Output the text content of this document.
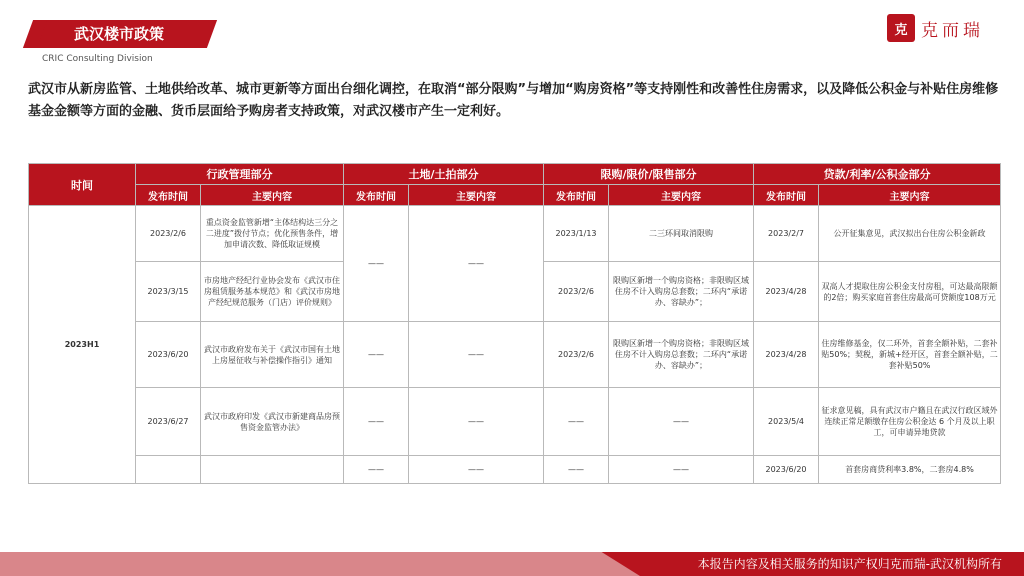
武汉楼市政策
CRIC Consulting Division
克 克而瑞
武汉市从新房监管、土地供给改革、城市更新等方面出台细化调控，在取消“部分限购”与增加“购房资格”等支持刚性和改善性住房需求，以及降低公积金与补贴住房维修基金金额等方面的金融、货币层面给予购房者支持政策，对武汉楼市产生一定利好。
时间	行政管理部分		土地/土拍部分		限购/限价/限售部分		贷款/利率/公积金部分	
	发布时间	主要内容	发布时间	主要内容	发布时间	主要内容	发布时间	主要内容
2023H1	2023/2/6	重点资金监管新增“主体结构达三分之二进度”拨付节点；优化预售条件，增加申请次数、降低取证规模	——	——	2023/1/13	二三环间取消限购	2023/2/7	公开征集意见，武汉拟出台住房公积金新政
	2023/3/15	市房地产经纪行业协会发布《武汉市住房租赁服务基本规范》和《武汉市房地产经纪规范服务（门店）评价规则》			2023/2/6	限购区新增一个购房资格；非限购区域住房不计入购房总套数；二环内“承诺办、容缺办”；	2023/4/28	双高人才提取住房公积金支付房租，可达最高限额的2倍；购买家庭首套住房最高可贷额度108万元
	2023/6/20	武汉市政府发布关于《武汉市国有土地上房屋征收与补偿操作指引》通知	——	——	2023/2/6	限购区新增一个购房资格；非限购区域住房不计入购房总套数；二环内“承诺办、容缺办”；	2023/4/28	住房维修基金，仅二环外，首套全额补贴，二套补贴50%；契税，新城+经开区，首套全额补贴，二套补贴50%
	2023/6/27	武汉市政府印发《武汉市新建商品房预售资金监管办法》	——	——	——	——	2023/5/4	征求意见稿，具有武汉市户籍且在武汉行政区域外连续正常足额缴存住房公积金达 6 个月及以上职工，可申请异地贷款
			——	——	——	——	2023/6/20	首套房商贷利率3.8%，二套房4.8%
本报告内容及相关服务的知识产权归克而瑞-武汉机构所有
